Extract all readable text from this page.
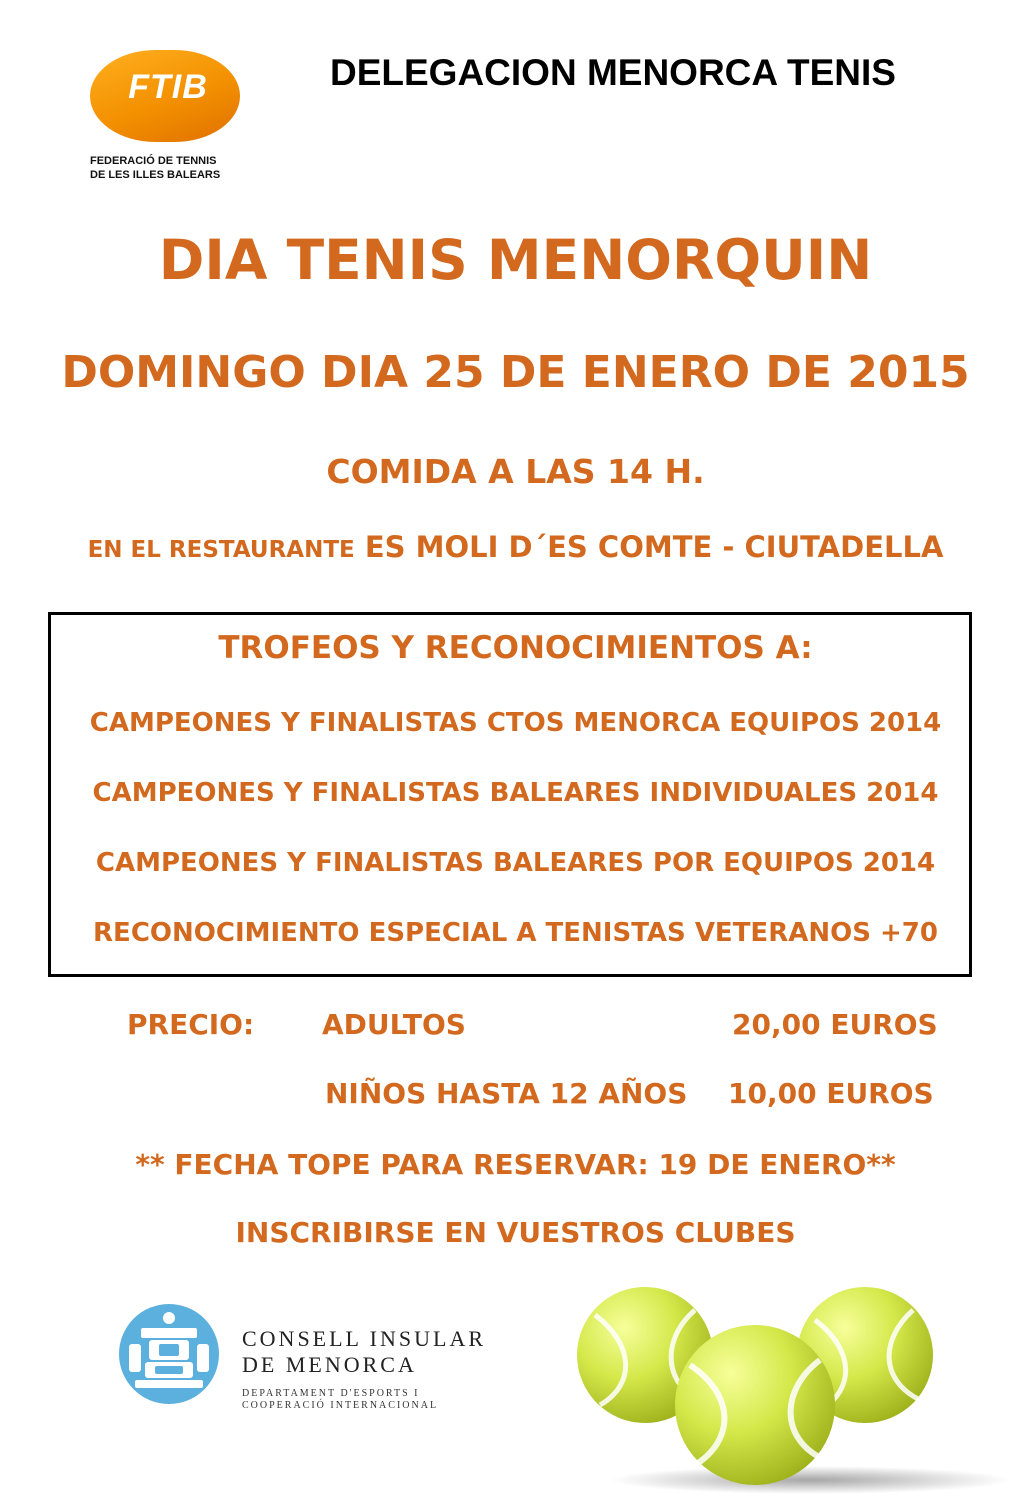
FTIB
FEDERACIÓ DE TENNIS
DE LES ILLES BALEARS
DELEGACION MENORCA TENIS
DIA TENIS MENORQUIN
DOMINGO DIA 25 DE ENERO DE 2015
COMIDA A LAS 14 H.
EN EL RESTAURANTE ES MOLI D´ES COMTE - CIUTADELLA
TROFEOS Y RECONOCIMIENTOS A:
CAMPEONES Y FINALISTAS CTOS MENORCA EQUIPOS 2014
CAMPEONES Y FINALISTAS BALEARES INDIVIDUALES 2014
CAMPEONES Y FINALISTAS BALEARES POR EQUIPOS 2014
RECONOCIMIENTO ESPECIAL A TENISTAS VETERANOS +70
PRECIO: ADULTOS	20,00 EUROS
NIÑOS HASTA 12 AÑOS 10,00 EUROS
** FECHA TOPE PARA RESERVAR: 19 DE ENERO**
INSCRIBIRSE EN VUESTROS CLUBES
CONSELL INSULAR
DE MENORCA
DEPARTAMENT D'ESPORTS I
COOPERACIÓ INTERNACIONAL
